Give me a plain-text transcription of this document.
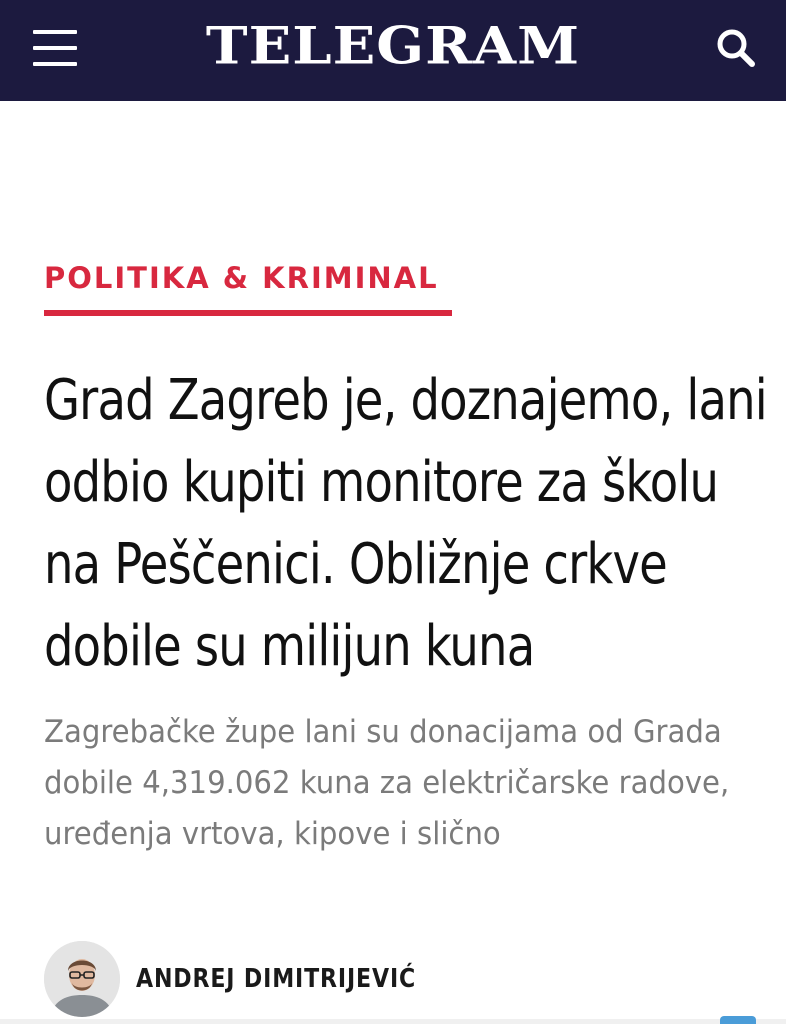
TELEGRAM
POLITIKA & KRIMINAL
Grad Zagreb je, doznajemo, lani odbio kupiti monitore za školu na Peščenici. Obližnje crkve dobile su milijun kuna

Zagrebačke župe lani su donacijama od Grada dobile 4,319.062 kuna za električarske radove, uređenja vrtova, kipove i slično

ANDREJ DIMITRIJEVIĆ
